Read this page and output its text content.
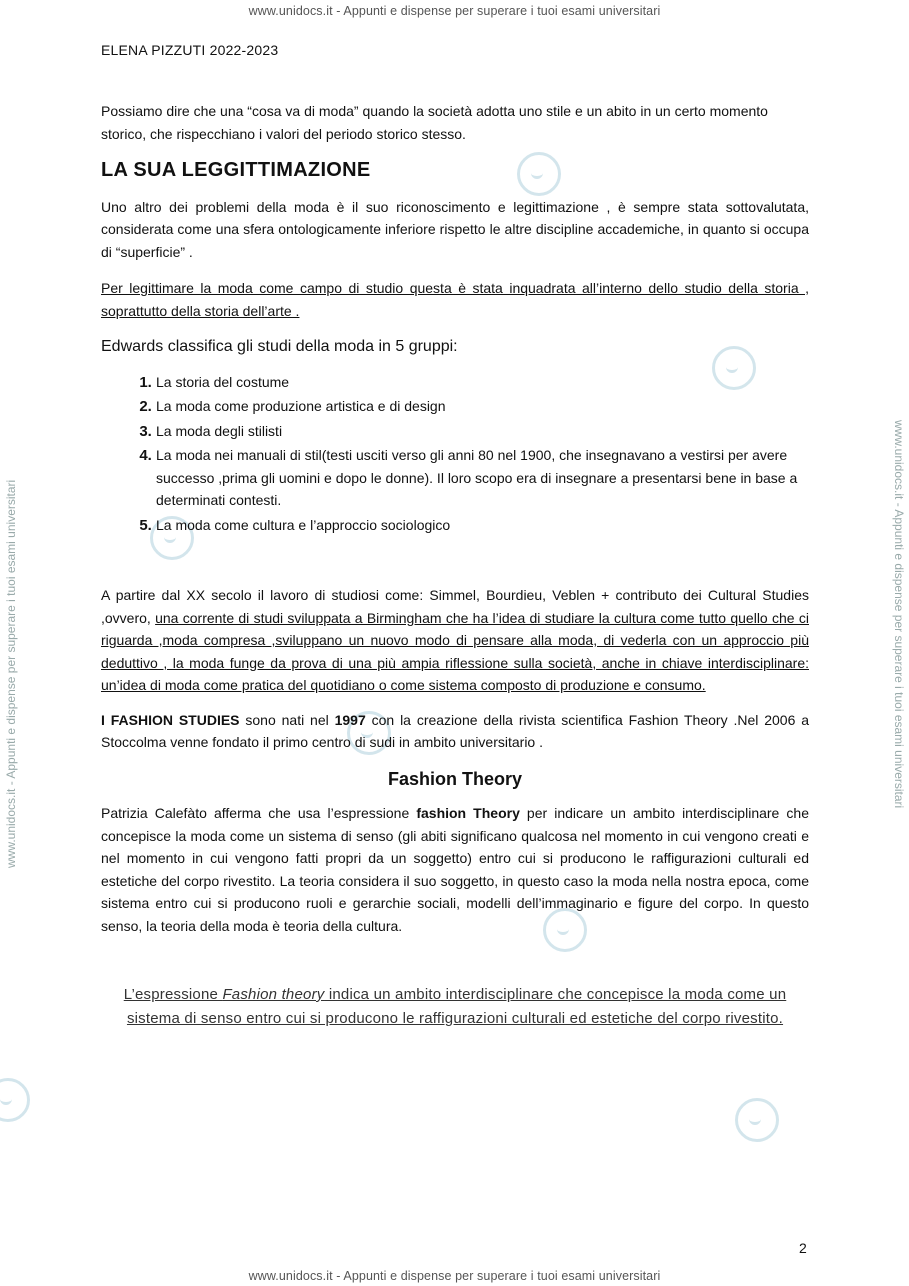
www.unidocs.it - Appunti e dispense per superare i tuoi esami universitari
www.unidocs.it - Appunti e dispense per superare i tuoi esami universitari
www.unidocs.it - Appunti e dispense per superare i tuoi esami universitari	www.unidocs.it - Appunti e dispense per superare i tuoi esami universitari
ELENA PIZZUTI 2022-2023

Possiamo dire che una “cosa va di moda” quando la società adotta uno stile e un abito in un certo momento storico, che rispecchiano i valori del periodo storico stesso.

LA SUA LEGGITTIMAZIONE

Uno altro dei problemi della moda è il suo riconoscimento e legittimazione , è sempre stata sottovalutata, considerata come una sfera ontologicamente inferiore rispetto le altre discipline accademiche, in quanto si occupa di “superficie” .

Per legittimare la moda come campo di studio questa è stata inquadrata all’interno dello studio della storia , soprattutto della storia dell’arte .

Edwards classifica gli studi della moda in 5 gruppi:

1. La storia del costume
2. La moda come produzione artistica e di design
3. La moda degli stilisti
4. La moda nei manuali di stil(testi usciti verso gli anni 80 nel 1900, che insegnavano a vestirsi per avere successo ,prima gli uomini e dopo le donne). Il loro scopo era di insegnare a presentarsi bene in base a determinati contesti.
5. La moda come cultura e l’approccio sociologico

A partire dal XX secolo il lavoro di studiosi come: Simmel, Bourdieu, Veblen + contributo dei Cultural Studies ,ovvero, una corrente di studi sviluppata a Birmingham che ha l’idea di studiare la cultura come tutto quello che ci riguarda ,moda compresa ,sviluppano un nuovo modo di pensare alla moda, di vederla con un approccio più deduttivo , la moda funge da prova di una più ampia riflessione sulla società, anche in chiave interdisciplinare: un’idea di moda come pratica del quotidiano o come sistema composto di produzione e consumo.

I FASHION STUDIES sono nati nel 1997 con la creazione della rivista scientifica Fashion Theory .Nel 2006 a Stoccolma venne fondato il primo centro di sudi in ambito universitario .

Fashion Theory

Patrizia Calefàto afferma che usa l’espressione fashion Theory per indicare un ambito interdisciplinare che concepisce la moda come un sistema di senso (gli abiti significano qualcosa nel momento in cui vengono creati e nel momento in cui vengono fatti propri da un soggetto) entro cui si producono le raffigurazioni culturali ed estetiche del corpo rivestito. La teoria considera il suo soggetto, in questo caso la moda nella nostra epoca, come sistema entro cui si producono ruoli e gerarchie sociali, modelli dell’immaginario e figure del corpo. In questo senso, la teoria della moda è teoria della cultura.

L’espressione Fashion theory indica un ambito interdisciplinare che concepisce la moda come un sistema di senso entro cui si producono le raffigurazioni culturali ed estetiche del corpo rivestito.

2
